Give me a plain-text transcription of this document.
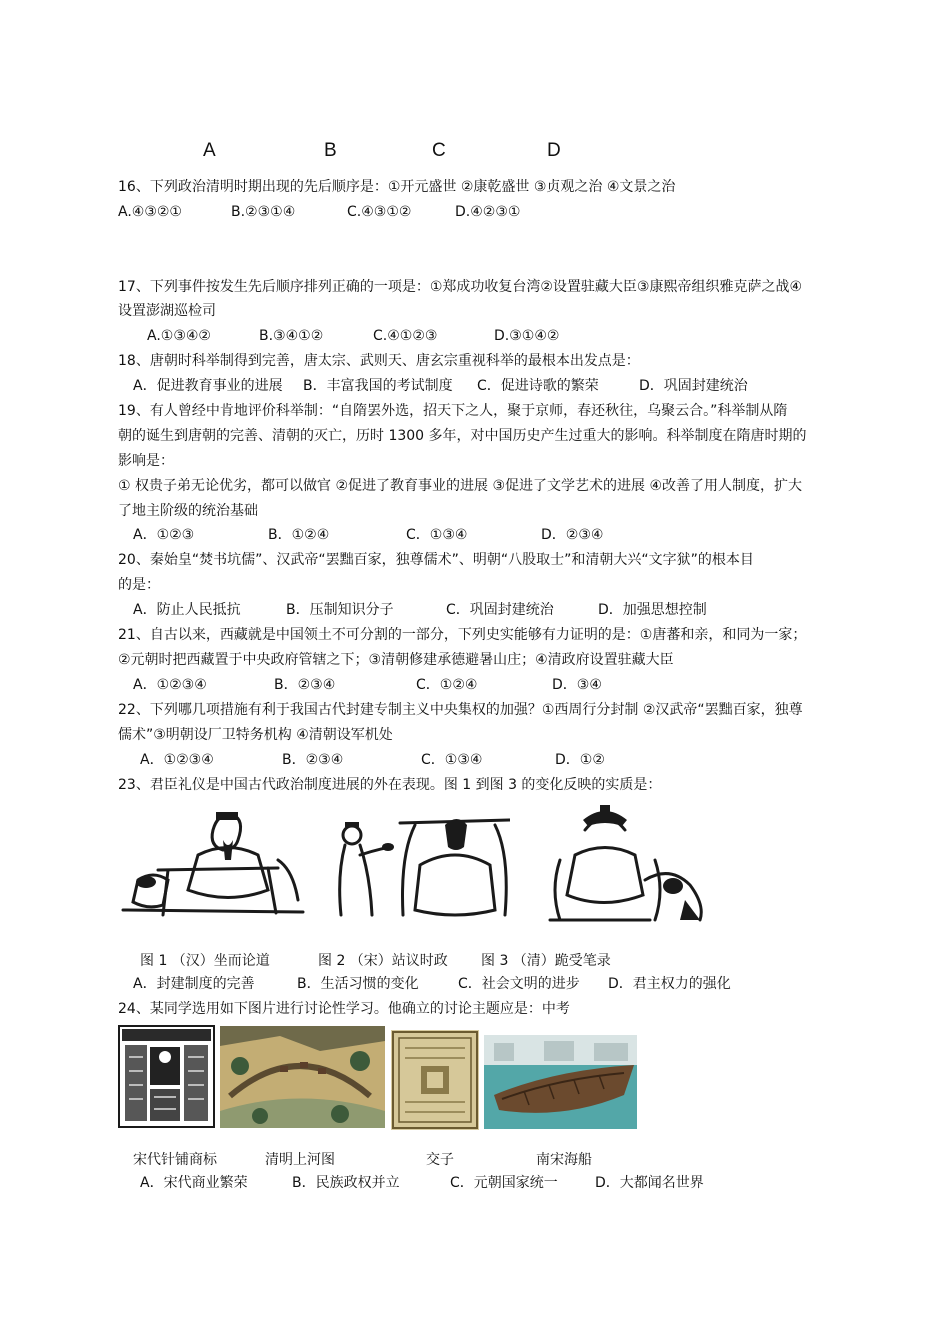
A	B	C	D
16、下列政治清明时期出现的先后顺序是：①开元盛世 ②康乾盛世 ③贞观之治 ④文景之治
A.④③②①	B.②③①④	C.④③①②	D.④②③①
17、下列事件按发生先后顺序排列正确的一项是：①郑成功收复台湾②设置驻藏大臣③康熙帝组织雅克萨之战④
设置澎湖巡检司
A.①③④②	B.③④①②	C.④①②③	D.③①④②
18、唐朝时科举制得到完善，唐太宗、武则天、唐玄宗重视科举的最根本出发点是：
A．促进教育事业的进展 B．丰富我国的考试制度 C．促进诗歌的繁荣	D．巩固封建统治
19、有人曾经中肯地评价科举制：“自隋罢外选，招天下之人，聚于京师，春还秋往，乌聚云合。”科举制从隋
朝的诞生到唐朝的完善、清朝的灭亡，历时 1300 多年，对中国历史产生过重大的影响。科举制度在隋唐时期的
影响是：
① 权贵子弟无论优劣，都可以做官 ②促进了教育事业的进展 ③促进了文学艺术的进展 ④改善了用人制度，扩大
了地主阶级的统治基础
A．①②③	B．①②④	C．①③④	D．②③④
20、秦始皇“焚书坑儒”、汉武帝“罢黜百家，独尊儒术”、明朝“八股取士”和清朝大兴“文字狱”的根本目
的是：
A．防止人民抵抗	B．压制知识分子	C．巩固封建统治	D．加强思想控制
21、自古以来，西藏就是中国领土不可分割的一部分，下列史实能够有力证明的是：①唐蕃和亲，和同为一家；
②元朝时把西藏置于中央政府管辖之下；③清朝修建承德避暑山庄；④清政府设置驻藏大臣
A．①②③④	B．②③④	C．①②④	D．③④
22、下列哪几项措施有利于我国古代封建专制主义中央集权的加强？①西周行分封制 ②汉武帝“罢黜百家，独尊
儒术”③明朝设厂卫特务机构 ④清朝设军机处
A．①②③④	B．②③④	C．①③④	D．①②
23、君臣礼仪是中国古代政治制度进展的外在表现。图 1 到图 3 的变化反映的实质是：
图 1 （汉）坐而论道	图 2 （宋）站议时政 图 3 （清）跪受笔录
A．封建制度的完善	B．生活习惯的变化	C．社会文明的进步 D．君主权力的强化
24、某同学选用如下图片进行讨论性学习。他确立的讨论主题应是：中考
宋代针铺商标	清明上河图	交子	南宋海船
A．宋代商业繁荣	B．民族政权并立	C．元朝国家统一	D．大都闻名世界
